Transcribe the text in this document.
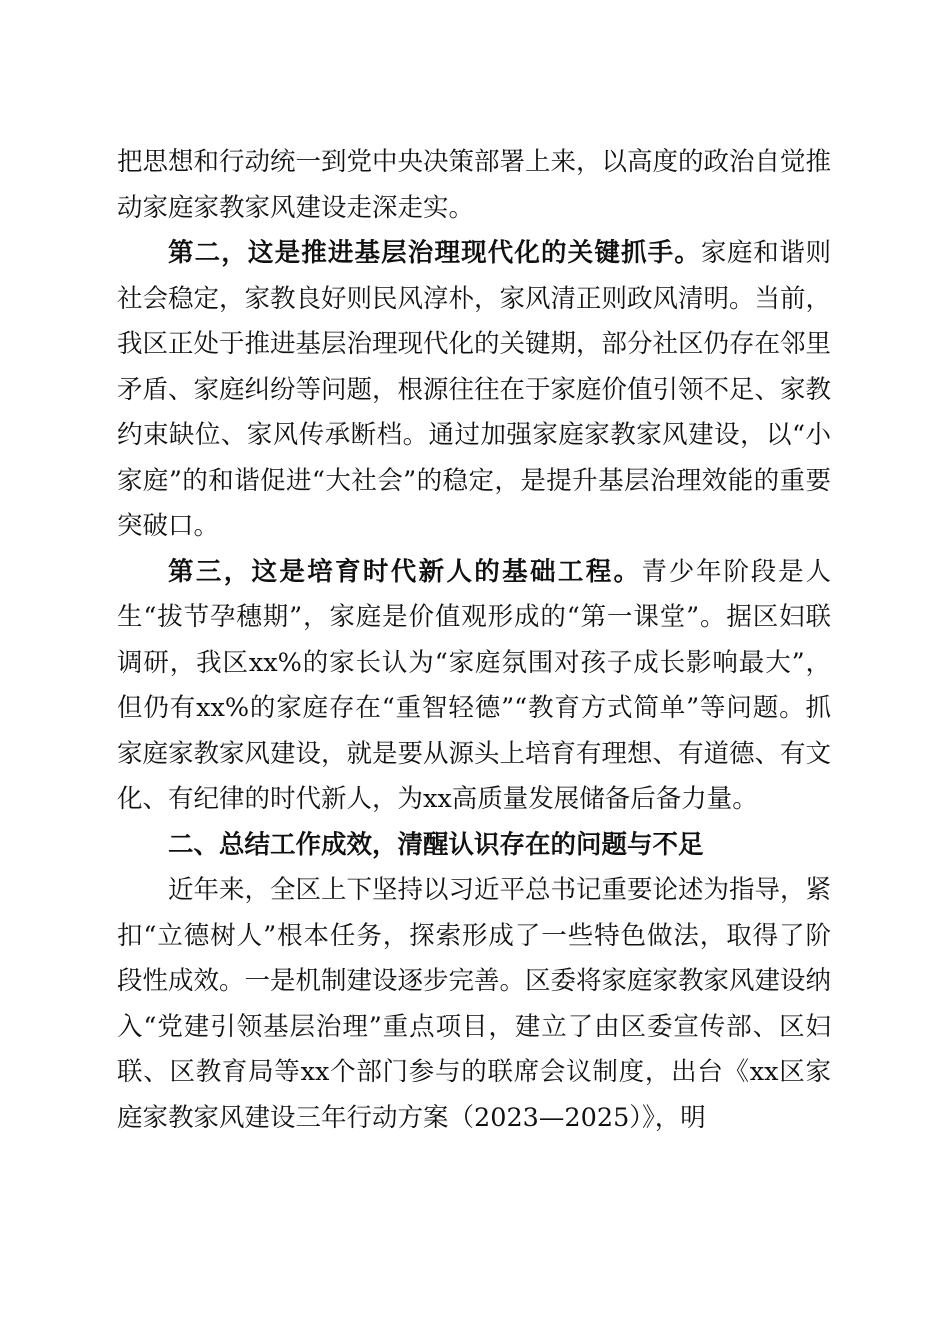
把思想和行动统一到党中央决策部署上来，以高度的政治自觉推动家庭家教家风建设走深走实。

第二，这是推进基层治理现代化的关键抓手。家庭和谐则社会稳定，家教良好则民风淳朴，家风清正则政风清明。当前，我区正处于推进基层治理现代化的关键期，部分社区仍存在邻里矛盾、家庭纠纷等问题，根源往往在于家庭价值引领不足、家教约束缺位、家风传承断档。通过加强家庭家教家风建设，以“小家庭”的和谐促进“大社会”的稳定，是提升基层治理效能的重要突破口。

第三，这是培育时代新人的基础工程。青少年阶段是人生“拔节孕穗期”，家庭是价值观形成的“第一课堂”。据区妇联调研，我区xx%的家长认为“家庭氛围对孩子成长影响最大”，但仍有xx%的家庭存在“重智轻德”“教育方式简单”等问题。抓家庭家教家风建设，就是要从源头上培育有理想、有道德、有文化、有纪律的时代新人，为xx高质量发展储备后备力量。

二、总结工作成效，清醒认识存在的问题与不足

近年来，全区上下坚持以习近平总书记重要论述为指导，紧扣“立德树人”根本任务，探索形成了一些特色做法，取得了阶段性成效。一是机制建设逐步完善。区委将家庭家教家风建设纳入“党建引领基层治理”重点项目，建立了由区委宣传部、区妇联、区教育局等xx个部门参与的联席会议制度，出台《xx区家庭家教家风建设三年行动方案（2023—2025）》，明
